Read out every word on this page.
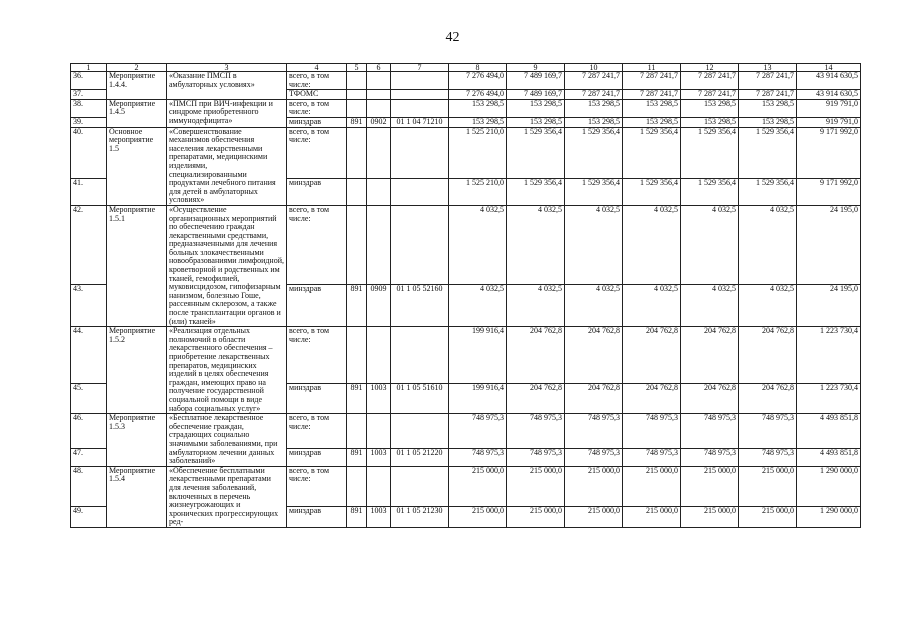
42
1	2	3	4	5	6	7	8	9	10	11	12	13	14
36.	Мероприятие 1.4.4.	«Оказание ПМСП в амбулаторных условиях»	всего, в том числе:				7 276 494,0	7 489 169,7	7 287 241,7	7 287 241,7	7 287 241,7	7 287 241,7	43 914 630,5
37.			ТФОМС				7 276 494,0	7 489 169,7	7 287 241,7	7 287 241,7	7 287 241,7	7 287 241,7	43 914 630,5
38.	Мероприятие 1.4.5	«ПМСП при ВИЧ-инфекции и синдроме приобретенного иммунодефицита»	всего, в том числе:				153 298,5	153 298,5	153 298,5	153 298,5	153 298,5	153 298,5	919 791,0
39.			минздрав	891	0902	01 1 04 71210	153 298,5	153 298,5	153 298,5	153 298,5	153 298,5	153 298,5	919 791,0
40.	Основное мероприятие 1.5	«Совершенствование механизмов обеспечения населения лекарственными препаратами, медицинскими изделиями, специализированными продуктами лечебного питания для детей в амбулаторных условиях»	всего, в том числе:				1 525 210,0	1 529 356,4	1 529 356,4	1 529 356,4	1 529 356,4	1 529 356,4	9 171 992,0
41.			минздрав				1 525 210,0	1 529 356,4	1 529 356,4	1 529 356,4	1 529 356,4	1 529 356,4	9 171 992,0
42.	Мероприятие 1.5.1	«Осуществление организационных мероприятий по обеспечению граждан лекарственными средствами, предназначенными для лечения больных злокачественными новообразованиями лимфоидной, кроветворной и родственных им тканей, гемофилией, муковисцидозом, гипофизарным нанизмом, болезнью Гоше, рассеянным склерозом, а также после трансплантации органов и (или) тканей»	всего, в том числе:				4 032,5	4 032,5	4 032,5	4 032,5	4 032,5	4 032,5	24 195,0
43.			минздрав	891	0909	01 1 05 52160	4 032,5	4 032,5	4 032,5	4 032,5	4 032,5	4 032,5	24 195,0
44.	Мероприятие 1.5.2	«Реализация отдельных полномочий в области лекарственного обеспечения – приобретение лекарственных препаратов, медицинских изделий в целях обеспечения граждан, имеющих право на получение государственной социальной помощи в виде набора социальных услуг»	всего, в том числе:				199 916,4	204 762,8	204 762,8	204 762,8	204 762,8	204 762,8	1 223 730,4
45.			минздрав	891	1003	01 1 05 51610	199 916,4	204 762,8	204 762,8	204 762,8	204 762,8	204 762,8	1 223 730,4
46.	Мероприятие 1.5.3	«Бесплатное лекарственное обеспечение граждан, страдающих социально значимыми заболеваниями, при амбулаторном лечении данных заболеваний»	всего, в том числе:				748 975,3	748 975,3	748 975,3	748 975,3	748 975,3	748 975,3	4 493 851,8
47.			минздрав	891	1003	01 1 05 21220	748 975,3	748 975,3	748 975,3	748 975,3	748 975,3	748 975,3	4 493 851,8
48.	Мероприятие 1.5.4	«Обеспечение бесплатными лекарственными препаратами для лечения заболеваний, включенных в перечень жизнеугрожающих и хронических прогрессирующих ред-	всего, в том числе:				215 000,0	215 000,0	215 000,0	215 000,0	215 000,0	215 000,0	1 290 000,0
49.			минздрав	891	1003	01 1 05 21230	215 000,0	215 000,0	215 000,0	215 000,0	215 000,0	215 000,0	1 290 000,0
